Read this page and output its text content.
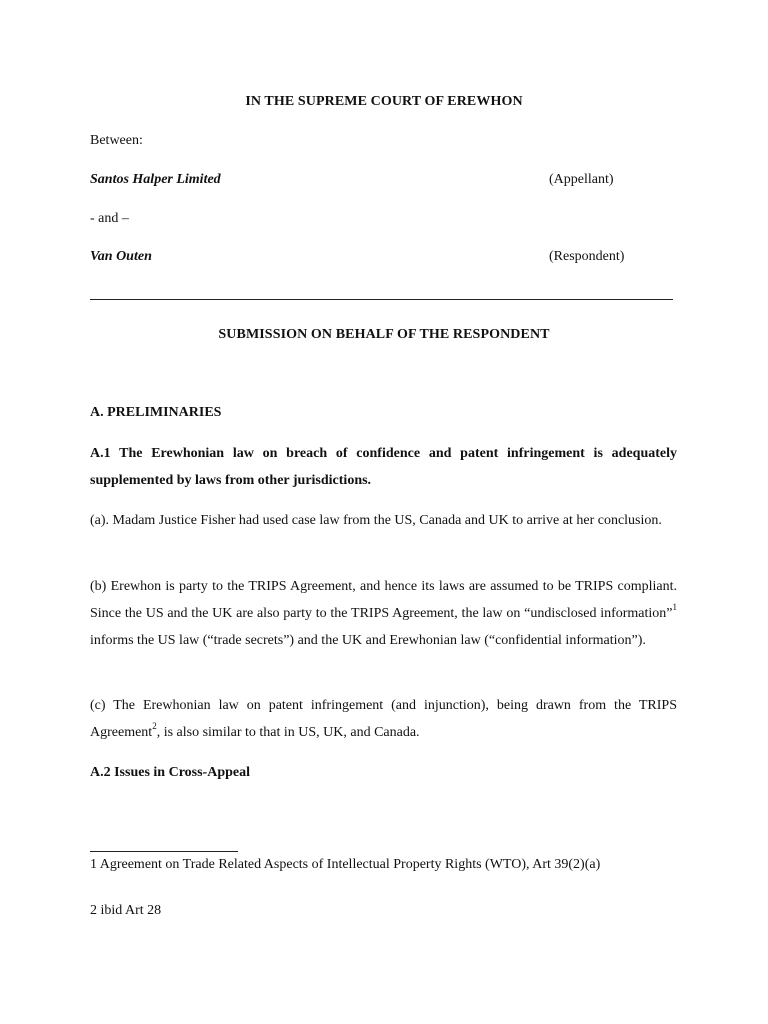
IN THE SUPREME COURT OF EREWHON
Between:
Santos Halper Limited	(Appellant)
- and –
Van Outen	(Respondent)
SUBMISSION ON BEHALF OF THE RESPONDENT
A. PRELIMINARIES
A.1 The Erewhonian law on breach of confidence and patent infringement is adequately supplemented by laws from other jurisdictions.
(a). Madam Justice Fisher had used case law from the US, Canada and UK to arrive at her conclusion.
(b) Erewhon is party to the TRIPS Agreement, and hence its laws are assumed to be TRIPS compliant. Since the US and the UK are also party to the TRIPS Agreement, the law on “undisclosed information”$^1$ informs the US law (“trade secrets”) and the UK and Erewhonian law (“confidential information”).
(c) The Erewhonian law on patent infringement (and injunction), being drawn from the TRIPS Agreement$^2$, is also similar to that in US, UK, and Canada.
A.2 Issues in Cross-Appeal
1 Agreement on Trade Related Aspects of Intellectual Property Rights (WTO), Art 39(2)(a)
2 ibid Art 28
